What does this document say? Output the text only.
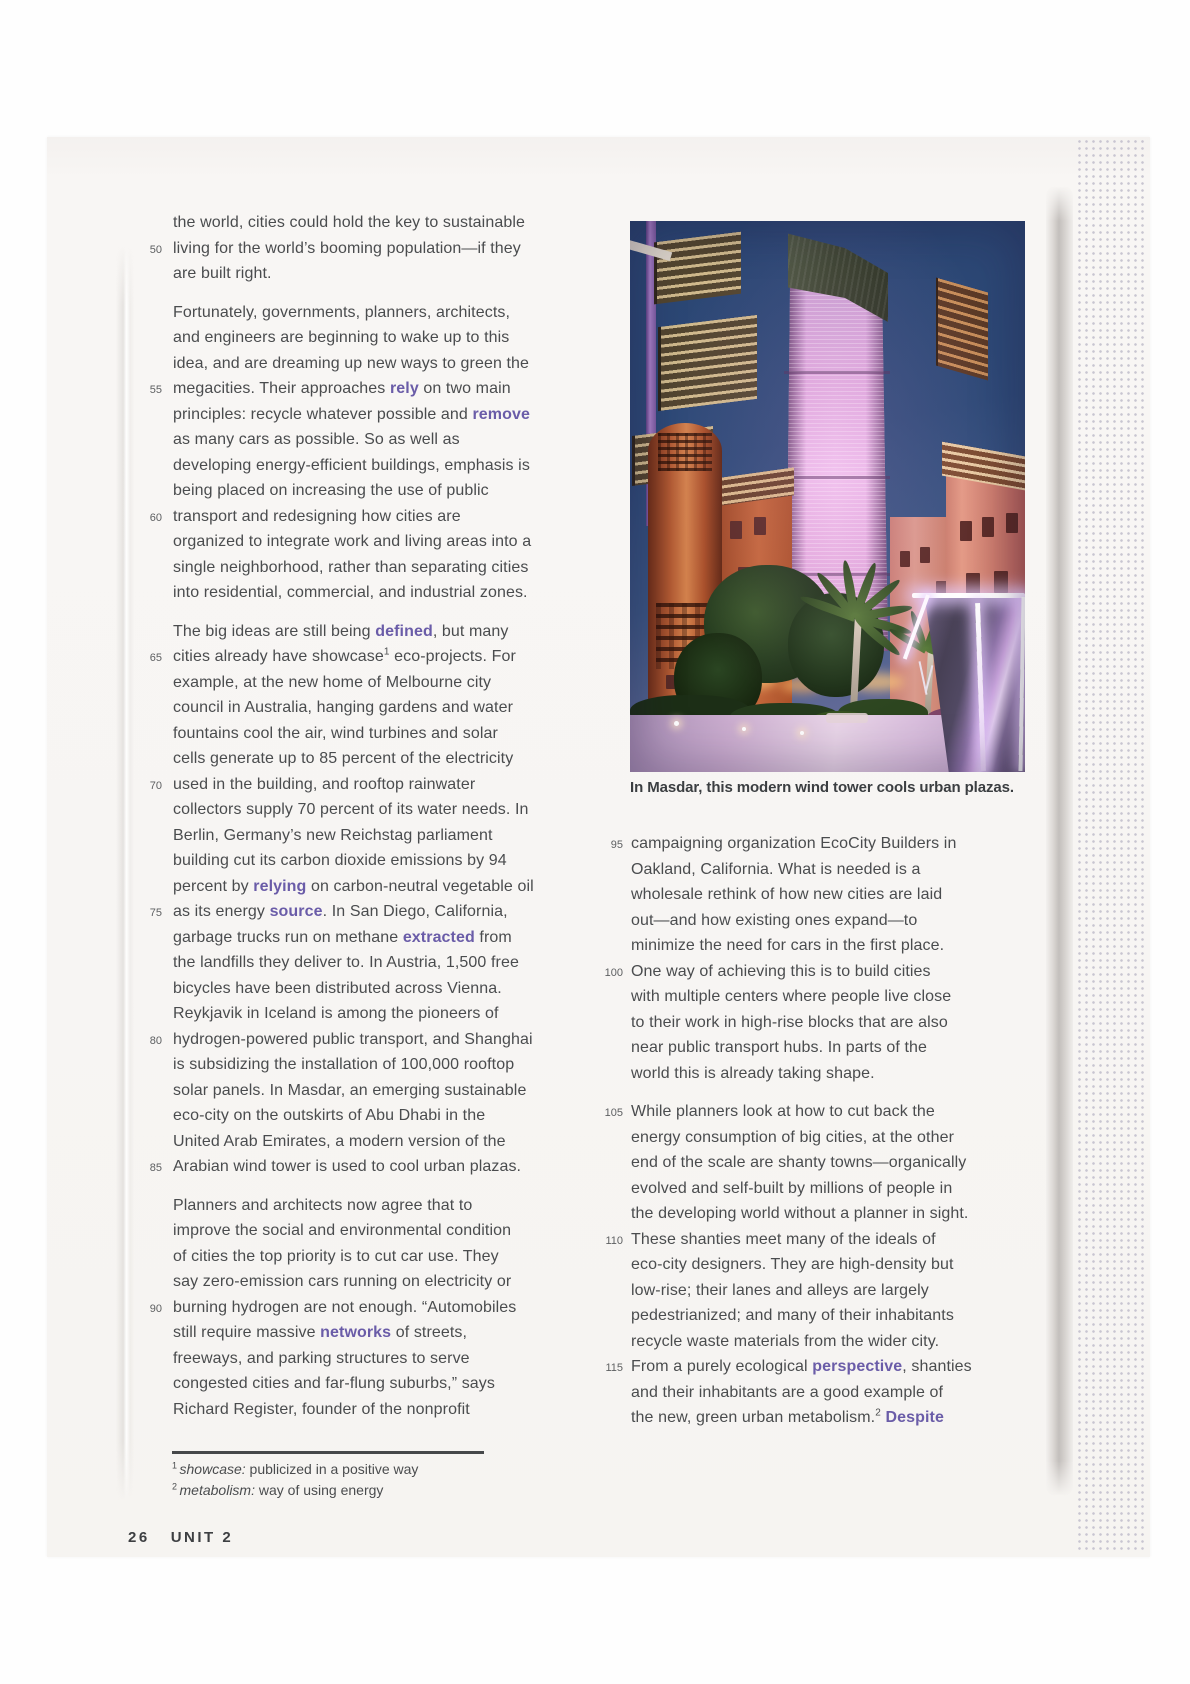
the world, cities could hold the key to sustainable
50 living for the world’s booming population—if they
are built right.
Fortunately, governments, planners, architects,
and engineers are beginning to wake up to this
idea, and are dreaming up new ways to green the
55 megacities. Their approaches rely on two main
principles: recycle whatever possible and remove
as many cars as possible. So as well as
developing energy-efficient buildings, emphasis is
being placed on increasing the use of public
60 transport and redesigning how cities are
organized to integrate work and living areas into a
single neighborhood, rather than separating cities
into residential, commercial, and industrial zones.
The big ideas are still being defined, but many
65 cities already have showcase$^1$ eco-projects. For
example, at the new home of Melbourne city
council in Australia, hanging gardens and water
fountains cool the air, wind turbines and solar
cells generate up to 85 percent of the electricity
70 used in the building, and rooftop rainwater
collectors supply 70 percent of its water needs. In
Berlin, Germany’s new Reichstag parliament
building cut its carbon dioxide emissions by 94
percent by relying on carbon-neutral vegetable oil
75 as its energy source. In San Diego, California,
garbage trucks run on methane extracted from
the landfills they deliver to. In Austria, 1,500 free
bicycles have been distributed across Vienna.
Reykjavik in Iceland is among the pioneers of
80 hydrogen-powered public transport, and Shanghai
is subsidizing the installation of 100,000 rooftop
solar panels. In Masdar, an emerging sustainable
eco-city on the outskirts of Abu Dhabi in the
United Arab Emirates, a modern version of the
85 Arabian wind tower is used to cool urban plazas.
Planners and architects now agree that to
improve the social and environmental condition
of cities the top priority is to cut car use. They
say zero-emission cars running on electricity or
90 burning hydrogen are not enough. “Automobiles
still require massive networks of streets,
freeways, and parking structures to serve
congested cities and far-flung suburbs,” says
Richard Register, founder of the nonprofit
In Masdar, this modern wind tower cools urban plazas.
95 campaigning organization EcoCity Builders in
Oakland, California. What is needed is a
wholesale rethink of how new cities are laid
out—and how existing ones expand—to
minimize the need for cars in the first place.
100 One way of achieving this is to build cities
with multiple centers where people live close
to their work in high-rise blocks that are also
near public transport hubs. In parts of the
world this is already taking shape.
105 While planners look at how to cut back the
energy consumption of big cities, at the other
end of the scale are shanty towns—organically
evolved and self-built by millions of people in
the developing world without a planner in sight.
110 These shanties meet many of the ideals of
eco-city designers. They are high-density but
low-rise; their lanes and alleys are largely
pedestrianized; and many of their inhabitants
recycle waste materials from the wider city.
115 From a purely ecological perspective, shanties
and their inhabitants are a good example of
the new, green urban metabolism.$^2$ Despite
$^1$ showcase: publicized in a positive way
$^2$ metabolism: way of using energy
26 UNIT 2
